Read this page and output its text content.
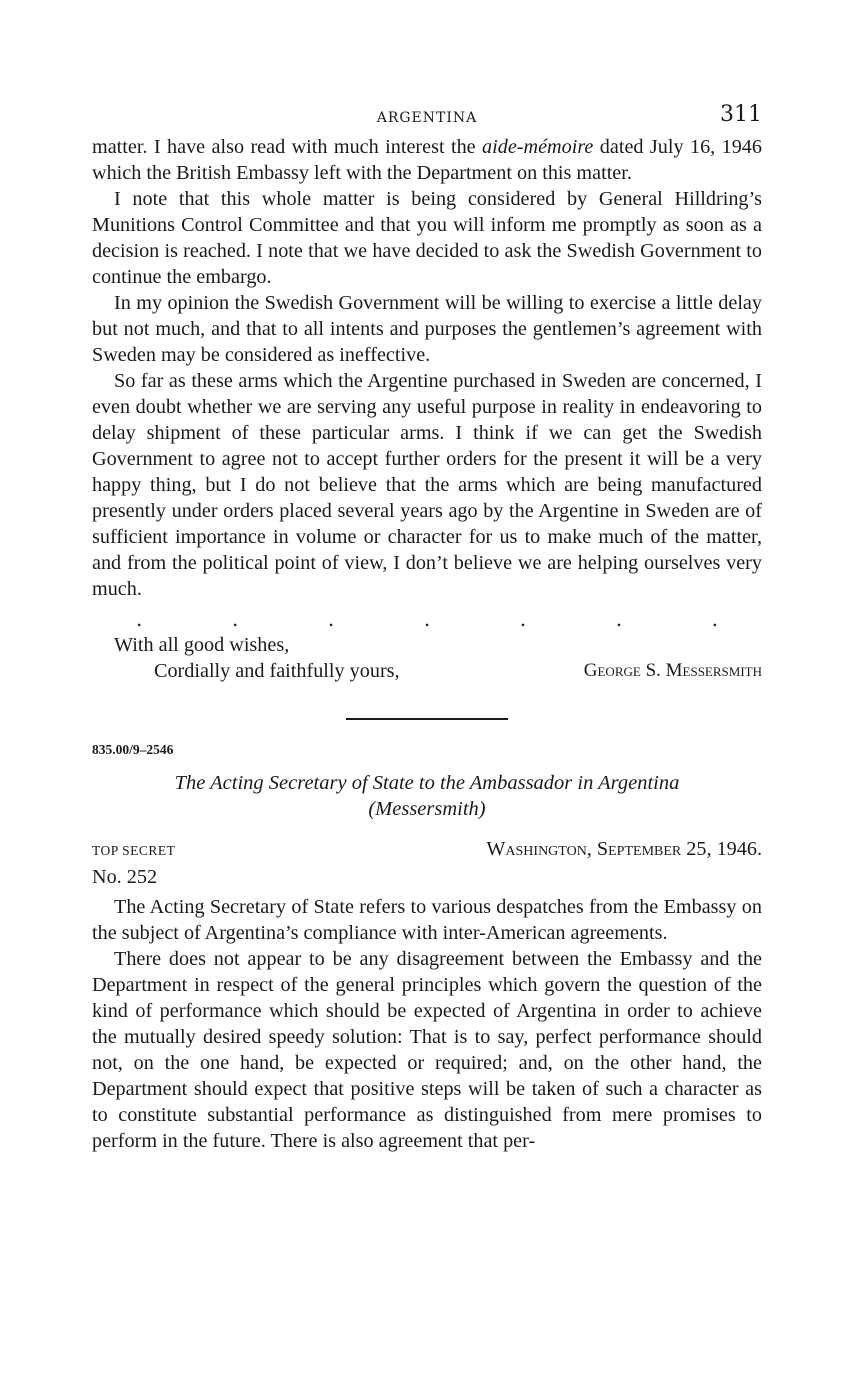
ARGENTINA	311

matter. I have also read with much interest the aide-mémoire dated July 16, 1946 which the British Embassy left with the Department on this matter.

I note that this whole matter is being considered by General Hilldring’s Munitions Control Committee and that you will inform me promptly as soon as a decision is reached. I note that we have decided to ask the Swedish Government to continue the embargo.

In my opinion the Swedish Government will be willing to exercise a little delay but not much, and that to all intents and purposes the gentlemen’s agreement with Sweden may be considered as ineffective.

So far as these arms which the Argentine purchased in Sweden are concerned, I even doubt whether we are serving any useful purpose in reality in endeavoring to delay shipment of these particular arms. I think if we can get the Swedish Government to agree not to accept further orders for the present it will be a very happy thing, but I do not believe that the arms which are being manufactured presently under orders placed several years ago by the Argentine in Sweden are of sufficient importance in volume or character for us to make much of the matter, and from the political point of view, I don’t believe we are helping ourselves very much.

.	.	.	.	.	.	.
With all good wishes,
Cordially and faithfully yours,	George S. Messersmith
835.00/9–2546
The Acting Secretary of State to the Ambassador in Argentina
(Messersmith)
TOP SECRET	Washington, September 25, 1946.
No. 252

The Acting Secretary of State refers to various despatches from the Embassy on the subject of Argentina’s compliance with inter-American agreements.

There does not appear to be any disagreement between the Embassy and the Department in respect of the general principles which govern the question of the kind of performance which should be expected of Argentina in order to achieve the mutually desired speedy solution: That is to say, perfect performance should not, on the one hand, be expected or required; and, on the other hand, the Department should expect that positive steps will be taken of such a character as to constitute substantial performance as distinguished from mere promises to perform in the future. There is also agreement that per-
